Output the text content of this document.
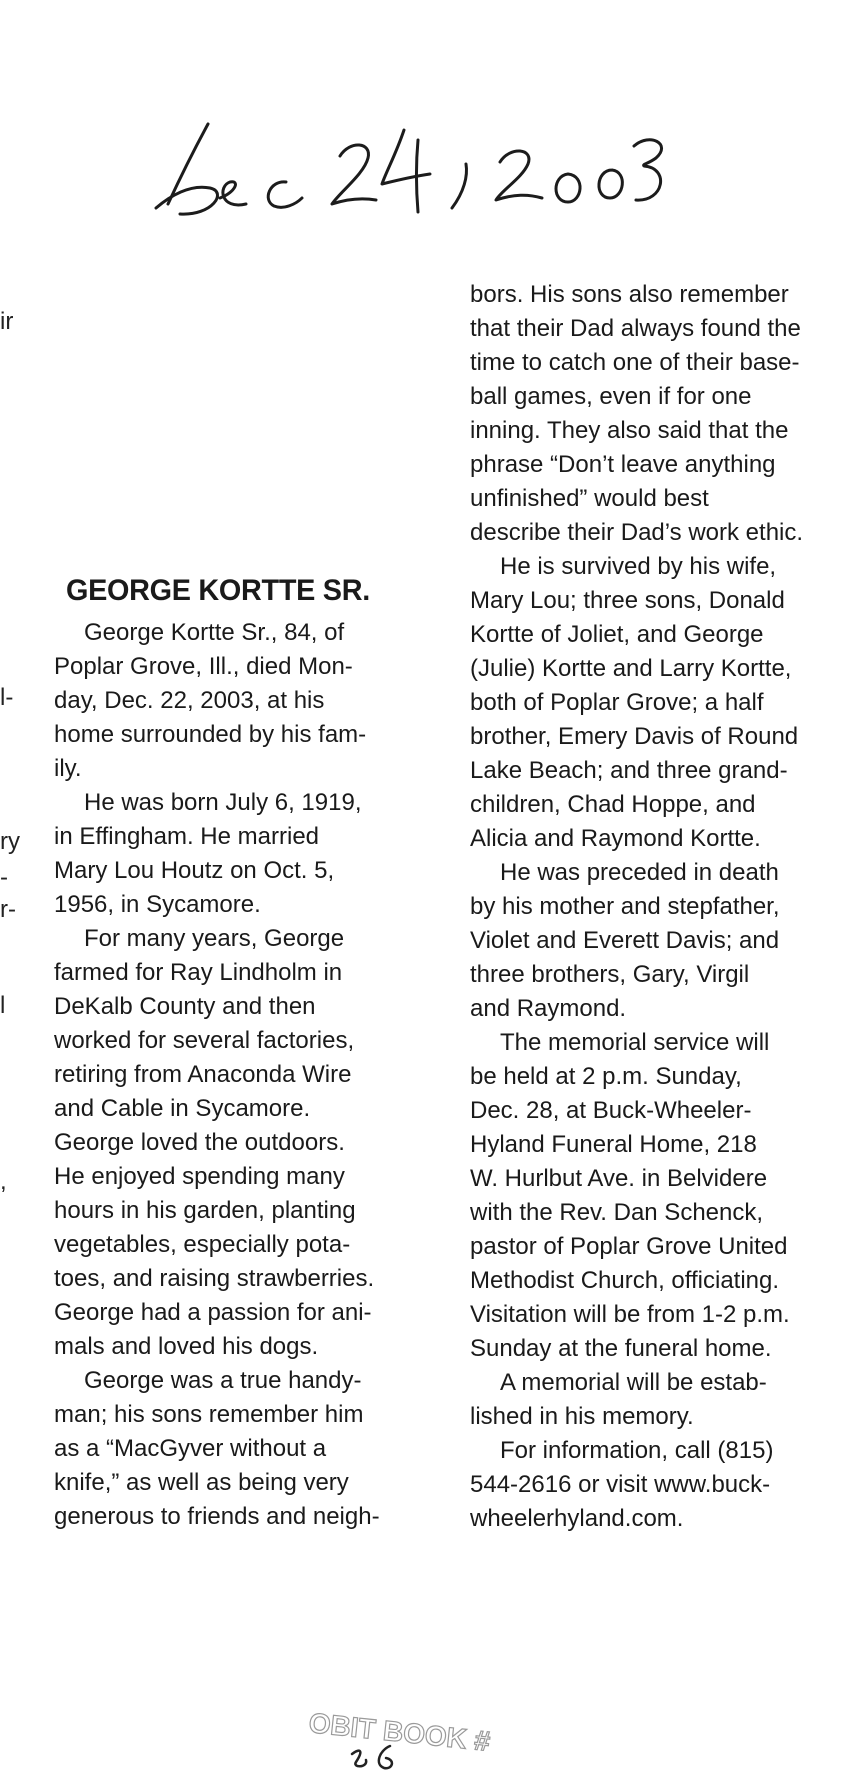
ir
l-
ry
r-
-
l
,
GEORGE KORTTE SR.
George Kortte Sr., 84, of
Poplar Grove, Ill., died Mon-
day, Dec. 22, 2003, at his
home surrounded by his fam-
ily.
He was born July 6, 1919,
in Effingham. He married
Mary Lou Houtz on Oct. 5,
1956, in Sycamore.
For many years, George
farmed for Ray Lindholm in
DeKalb County and then
worked for several factories,
retiring from Anaconda Wire
and Cable in Sycamore.
George loved the outdoors.
He enjoyed spending many
hours in his garden, planting
vegetables, especially pota-
toes, and raising strawberries.
George had a passion for ani-
mals and loved his dogs.
George was a true handy-
man; his sons remember him
as a “MacGyver without a
knife,” as well as being very
generous to friends and neigh-
bors. His sons also remember
that their Dad always found the
time to catch one of their base-
ball games, even if for one
inning. They also said that the
phrase “Don’t leave anything
unfinished” would best
describe their Dad’s work ethic.
He is survived by his wife,
Mary Lou; three sons, Donald
Kortte of Joliet, and George
(Julie) Kortte and Larry Kortte,
both of Poplar Grove; a half
brother, Emery Davis of Round
Lake Beach; and three grand-
children, Chad Hoppe, and
Alicia and Raymond Kortte.
He was preceded in death
by his mother and stepfather,
Violet and Everett Davis; and
three brothers, Gary, Virgil
and Raymond.
The memorial service will
be held at 2 p.m. Sunday,
Dec. 28, at Buck-Wheeler-
Hyland Funeral Home, 218
W. Hurlbut Ave. in Belvidere
with the Rev. Dan Schenck,
pastor of Poplar Grove United
Methodist Church, officiating.
Visitation will be from 1-2 p.m.
Sunday at the funeral home.
A memorial will be estab-
lished in his memory.
For information, call (815)
544-2616 or visit www.buck-
wheelerhyland.com.
OBIT BOOK #
